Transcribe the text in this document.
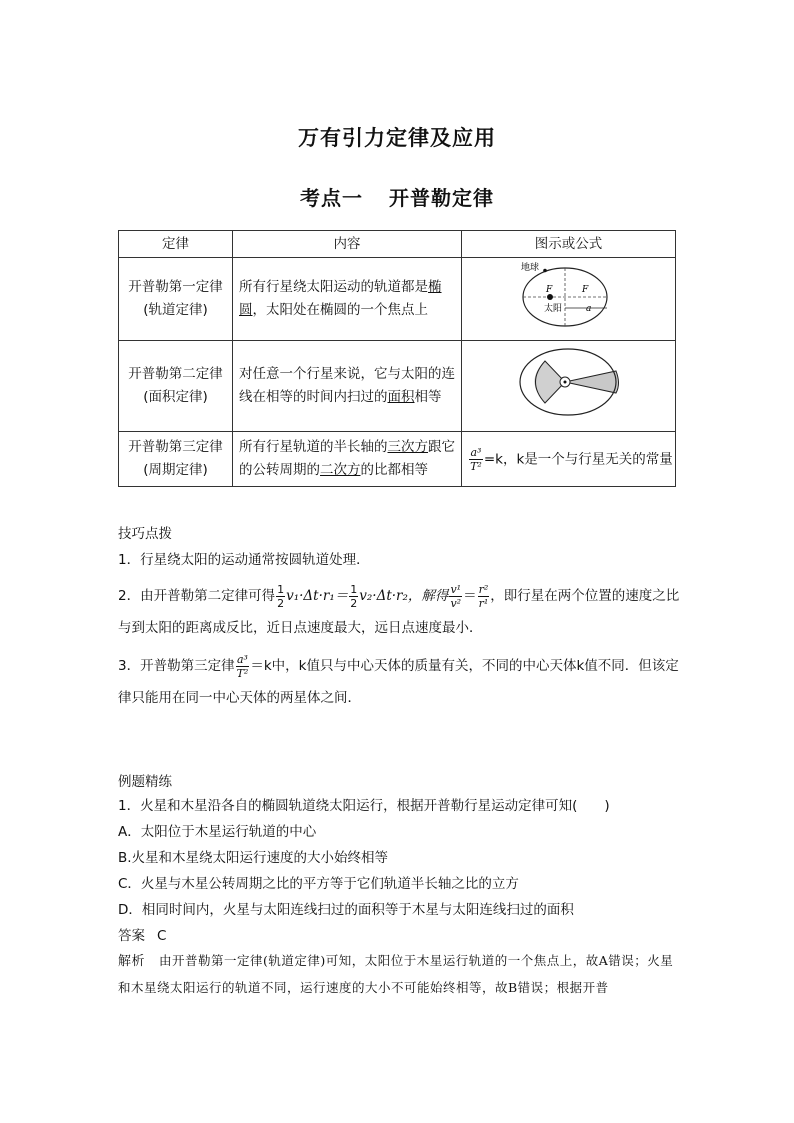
万有引力定律及应用
考点一 开普勒定律
定律	内容	图示或公式
开普勒第一定律(轨道定律)	所有行星绕太阳运动的轨道都是椭圆，太阳处在椭圆的一个焦点上	地球
F F
太阳 a

开普勒第二定律(面积定律)	对任意一个行星来说，它与太阳的连线在相等的时间内扫过的面积相等	
开普勒第三定律(周期定律)	所有行星轨道的半长轴的三次方跟它的公转周期的二次方的比都相等	$\frac{\text{a³}}{\text{T²}} =k$，k是一个与行星无关的常量
技巧点拨
1．行星绕太阳的运动通常按圆轨道处理．
2．由开普勒第二定律可得 $\frac{1}{2} v_1\cdot\Delta t\cdot r_1= \frac{1}{2} v_2\cdot\Delta t\cdot r_2$，解得 $\frac{\text{v¹}}{\text{v²}} = \frac{\text{r²}}{\text{r¹}}$ ，即行星在两个位置的速度之比与到太阳的距离成反比，近日点速度最大，远日点速度最小．
3．开普勒第三定律 $\frac{\text{a³}}{\text{T²}} =k$中，k值只与中心天体的质量有关，不同的中心天体k值不同．但该定律只能用在同一中心天体的两星体之间．
例题精练
1．火星和木星沿各自的椭圆轨道绕太阳运行，根据开普勒行星运动定律可知(　　)
A．太阳位于木星运行轨道的中心
B.火星和木星绕太阳运行速度的大小始终相等
C．火星与木星公转周期之比的平方等于它们轨道半长轴之比的立方
D．相同时间内，火星与太阳连线扫过的面积等于木星与太阳连线扫过的面积
答案 C
解析 由开普勒第一定律(轨道定律)可知，太阳位于木星运行轨道的一个焦点上，故A错误；火星和木星绕太阳运行的轨道不同，运行速度的大小不可能始终相等，故B错误；根据开普
